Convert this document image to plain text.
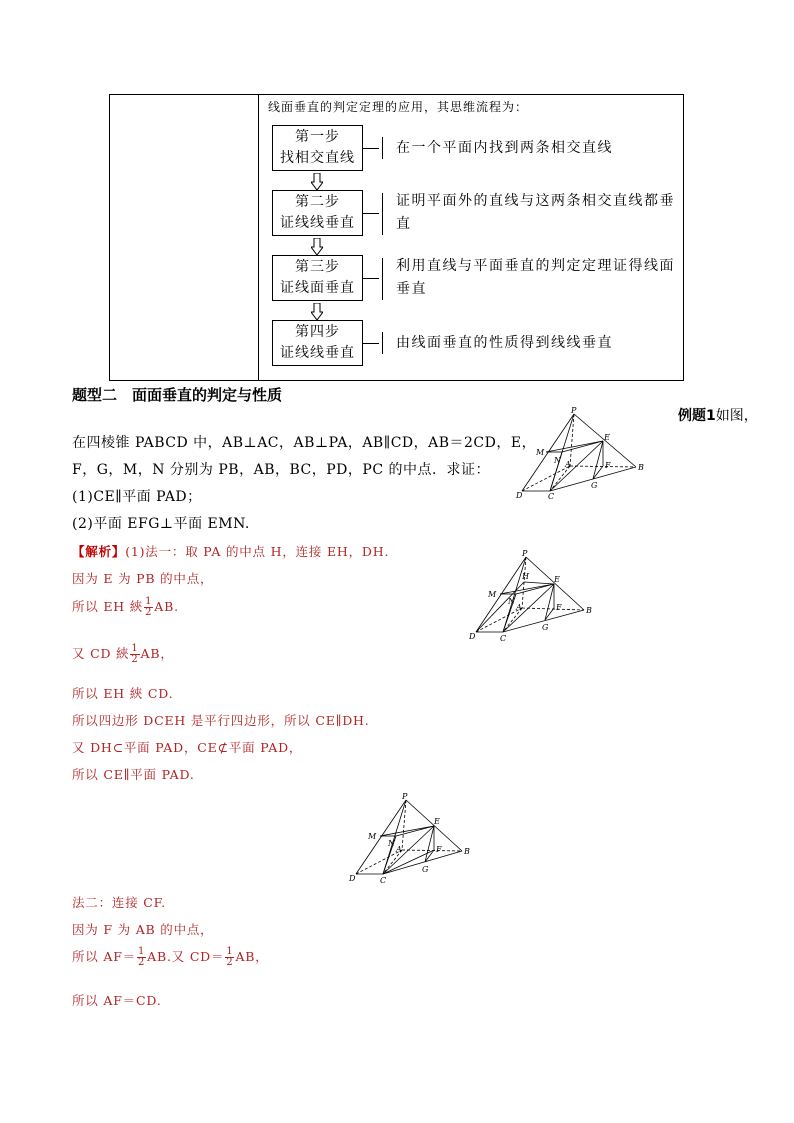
线面垂直的判定定理的应用，其思维流程为：
第一步
找相交直线
在一个平面内找到两条相交直线
第二步
证线线垂直
证明平面外的直线与这两条相交直线都垂直
第三步
证线面垂直
利用直线与平面垂直的判定定理证得线面垂直
第四步
证线线垂直
由线面垂直的性质得到线线垂直
题型二　面面垂直的判定与性质
例题1如图，
在四棱锥 PABCD 中，AB⊥AC，AB⊥PA，AB∥CD，AB＝2CD，E，
F，G，M，N 分别为 PB，AB，BC，PD，PC 的中点．求证：
(1)CE∥平面 PAD；
(2)平面 EFG⊥平面 EMN.
【解析】(1)法一：取 PA 的中点 H，连接 EH，DH.
因为 E 为 PB 的中点，
所以 EH 綊 $\frac{1}{2}$ AB.
又 CD 綊 $\frac{1}{2}$ AB，
所以 EH 綊 CD.
所以四边形 DCEH 是平行四边形，所以 CE∥DH.
又 DH⊂平面 PAD，CE⊄平面 PAD，
所以 CE∥平面 PAD.
法二：连接 CF.
因为 F 为 AB 的中点，
所以 $AF= \frac{1}{2}$ AB.又 $CD= \frac{1}{2}$ AB，
所以 AF＝CD.
P
E
M
N A	F	B
D	C
G
P
H	E
M
N
A	F	B
D	C
G
P
E
M
N
A	F	B
D	C
G
